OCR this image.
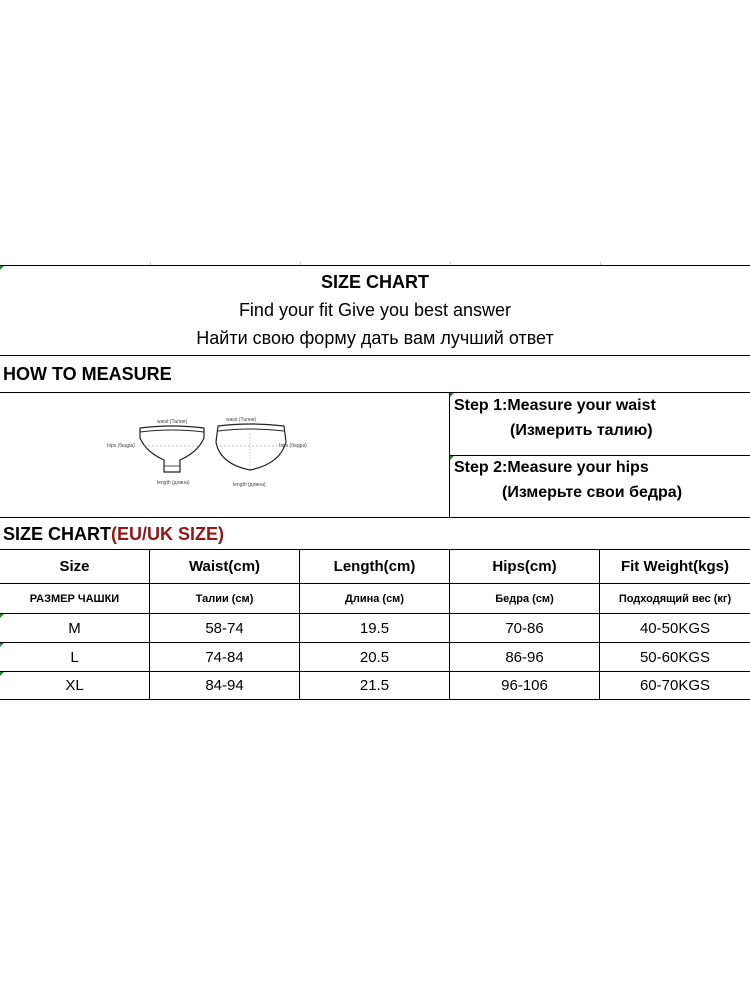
SIZE CHART
Find your fit Give you best answer
Найти свою форму дать вам лучший ответ
HOW TO MEASURE
waist (Талия)	waist (Талия)
hips (бедра)	hips (бедра)
length (длина)	length (длина)
Step 1:Measure your waist
(Измерить талию)
Step 2:Measure your hips
(Измерьте свои бедра)
SIZE CHART(EU/UK SIZE)
Size	Waist(cm)	Length(cm)	Hips(cm)	Fit Weight(kgs)
РАЗМЕР ЧАШКИ	Талии (см)	Длина (см)	Бедра (см)	Подходящий вес (кг)
M	58-74	19.5	70-86	40-50KGS
L	74-84	20.5	86-96	50-60KGS
XL	84-94	21.5	96-106	60-70KGS
